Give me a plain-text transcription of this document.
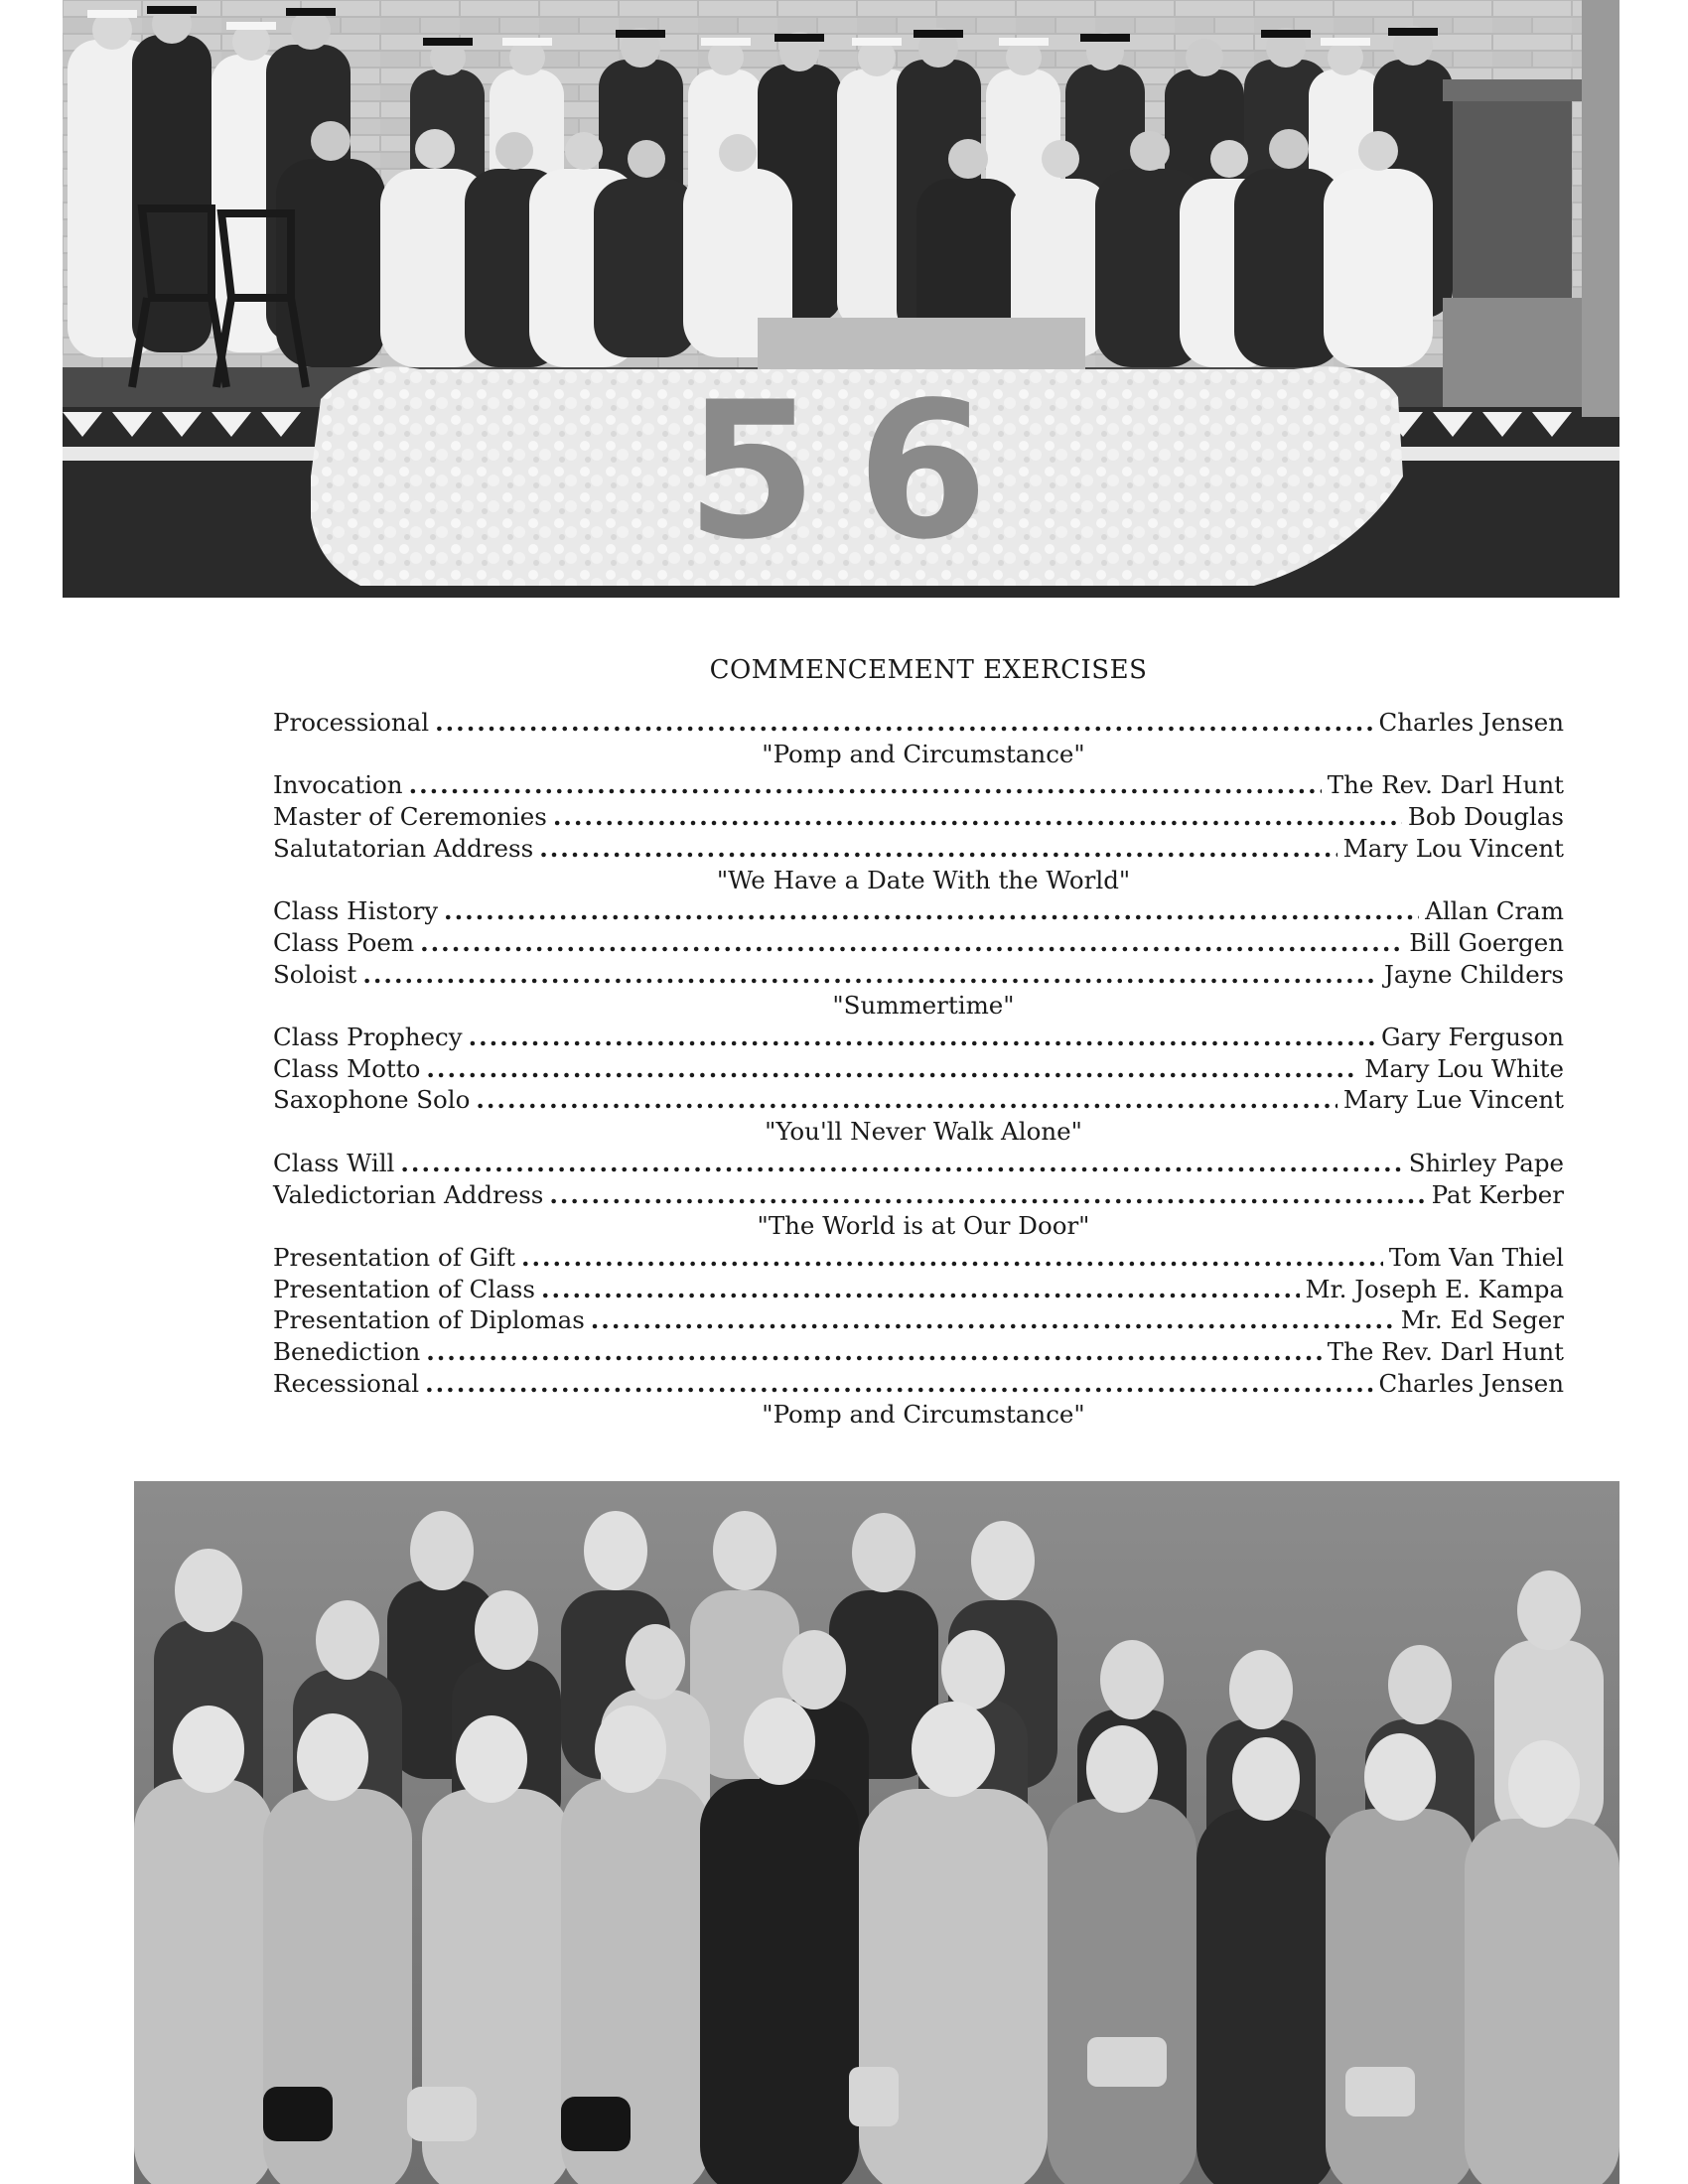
56
COMMENCEMENT EXERCISES
Processional .....	Charles Jensen
"Pomp and Circumstance"
Invocation .....	The Rev. Darl Hunt
Master of Ceremonies .....	Bob Douglas
Salutatorian Address .....	Mary Lou Vincent
"We Have a Date With the World"
Class History .....	Allan Cram
Class Poem .....	Bill Goergen
Soloist .....	Jayne Childers
"Summertime"
Class Prophecy .....	Gary Ferguson
Class Motto .....	Mary Lou White
Saxophone Solo .....	Mary Lue Vincent
"You'll Never Walk Alone"
Class Will .....	Shirley Pape
Valedictorian Address .....	Pat Kerber
"The World is at Our Door"
Presentation of Gift .....	Tom Van Thiel
Presentation of Class .....	Mr. Joseph E. Kampa
Presentation of Diplomas .....	Mr. Ed Seger
Benediction .....	The Rev. Darl Hunt
Recessional .....	Charles Jensen
"Pomp and Circumstance"
